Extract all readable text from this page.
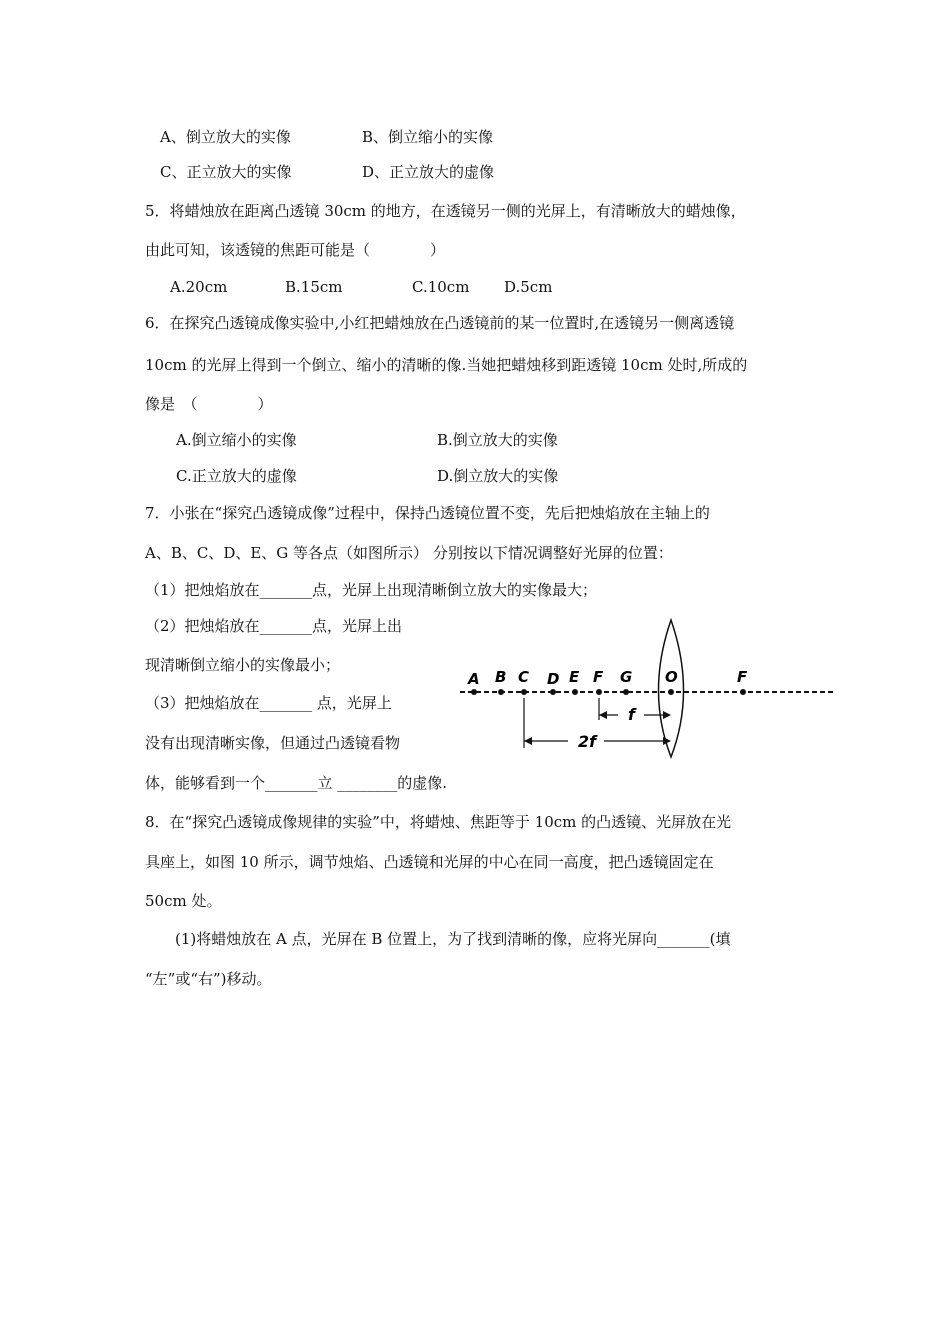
A、倒立放大的实像	B、倒立缩小的实像
C、正立放大的实像	D、正立放大的虚像
5．将蜡烛放在距离凸透镜 30cm 的地方，在透镜另一侧的光屏上，有清晰放大的蜡烛像，
由此可知，该透镜的焦距可能是（　　　　）
A.20cm	B.15cm	C.10cm D.5cm
6．在探究凸透镜成像实验中,小红把蜡烛放在凸透镜前的某一位置时,在透镜另一侧离透镜
10cm 的光屏上得到一个倒立、缩小的清晰的像.当她把蜡烛移到距透镜 10cm 处时,所成的
像是　（　　　　）
A.倒立缩小的实像	B.倒立放大的实像
C.正立放大的虚像	D.倒立放大的实像
7．小张在“探究凸透镜成像”过程中，保持凸透镜位置不变，先后把烛焰放在主轴上的
A、B、C、D、E、G 等各点（如图所示） 分别按以下情况调整好光屏的位置：
（1）把烛焰放在_______点，光屏上出现清晰倒立放大的实像最大；
（2）把烛焰放在_______点，光屏上出
现清晰倒立缩小的实像最小；
（3）把烛焰放在_______ 点，光屏上
没有出现清晰实像，但通过凸透镜看物
体，能够看到一个_______立 ________的虚像.
A B C D E F G O	F
f
2f
8．在“探究凸透镜成像规律的实验”中，将蜡烛、焦距等于 10cm 的凸透镜、光屏放在光
具座上，如图 10 所示，调节烛焰、凸透镜和光屏的中心在同一高度，把凸透镜固定在
50cm 处。
(1)将蜡烛放在 A 点，光屏在 B 位置上，为了找到清晰的像，应将光屏向_______(填
“左”或“右”)移动。
